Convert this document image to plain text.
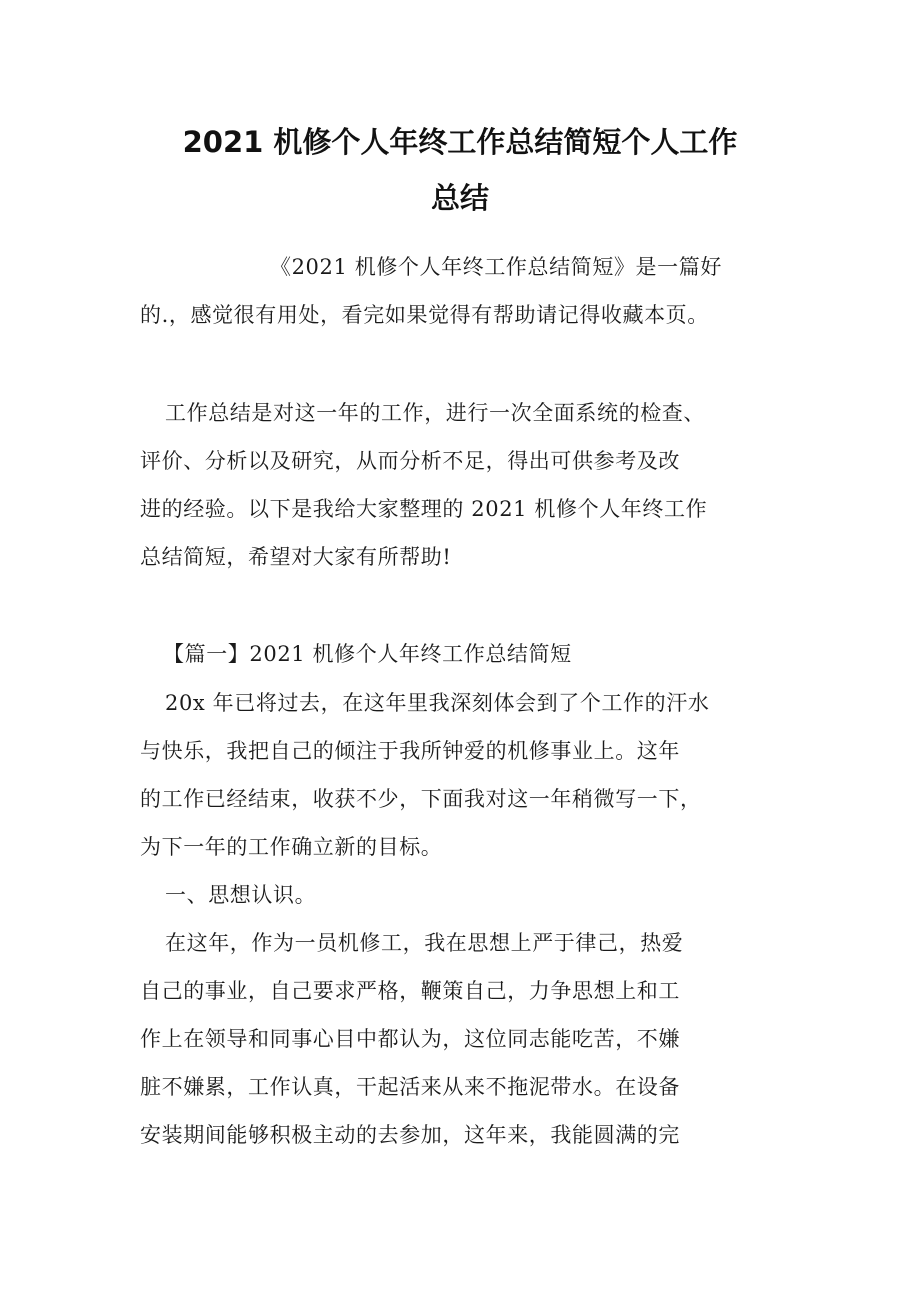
2021 机修个人年终工作总结简短个人工作
总结
《2021 机修个人年终工作总结简短》是一篇好
的.，感觉很有用处，看完如果觉得有帮助请记得收藏本页。
工作总结是对这一年的工作，进行一次全面系统的检查、
评价、分析以及研究，从而分析不足，得出可供参考及改
进的经验。以下是我给大家整理的 2021 机修个人年终工作
总结简短，希望对大家有所帮助!
【篇一】2021 机修个人年终工作总结简短
20x 年已将过去，在这年里我深刻体会到了个工作的汗水
与快乐，我把自己的倾注于我所钟爱的机修事业上。这年
的工作已经结束，收获不少，下面我对这一年稍微写一下，
为下一年的工作确立新的目标。
一、思想认识。
在这年，作为一员机修工，我在思想上严于律己，热爱
自己的事业，自己要求严格，鞭策自己，力争思想上和工
作上在领导和同事心目中都认为，这位同志能吃苦，不嫌
脏不嫌累，工作认真，干起活来从来不拖泥带水。在设备
安装期间能够积极主动的去参加，这年来，我能圆满的完
